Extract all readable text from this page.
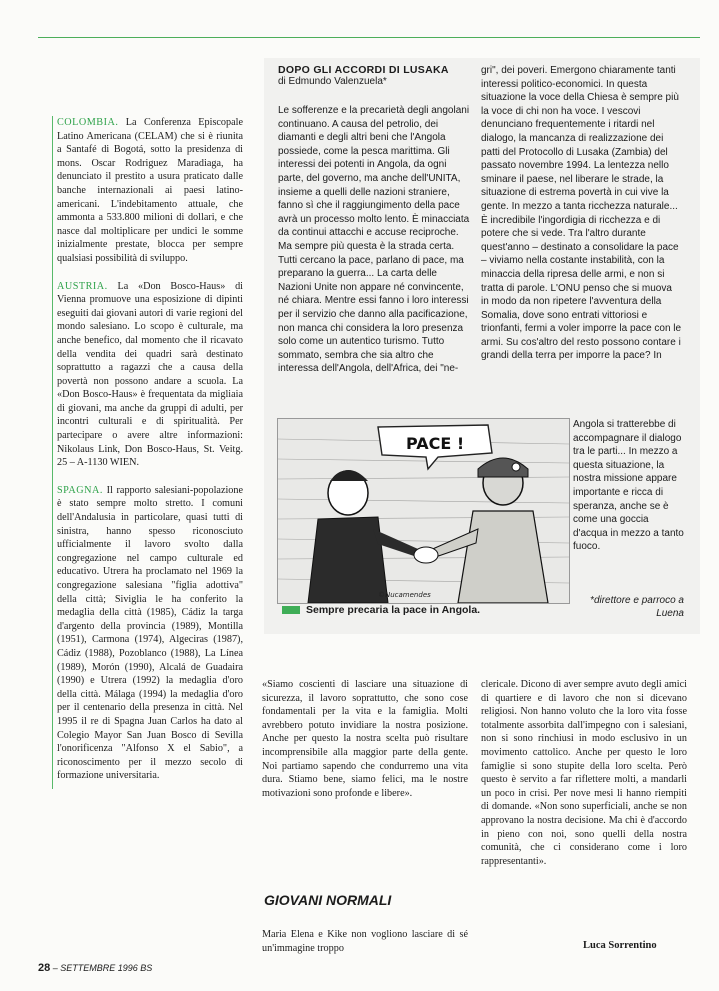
COLOMBIA. La Conferenza Episcopale Latino Americana (CELAM) che si è riunita a Santafé di Bogotá, sotto la presidenza di mons. Oscar Rodriguez Maradiaga, ha denunciato il prestito a usura praticato dalle banche internazionali ai paesi latino-americani. L'indebitamento attuale, che ammonta a 533.800 milioni di dollari, e che nasce dal moltiplicare per undici le somme inizialmente prestate, blocca per sempre qualsiasi possibilità di sviluppo.

AUSTRIA. La «Don Bosco-Haus» di Vienna promuove una esposizione di dipinti eseguiti dai giovani autori di varie regioni del mondo salesiano. Lo scopo è culturale, ma anche benefico, dal momento che il ricavato della vendita dei quadri sarà destinato soprattutto a ragazzi che a causa della povertà non possono andare a scuola. La «Don Bosco-Haus» è frequentata da migliaia di giovani, ma anche da gruppi di adulti, per incontri culturali e di spiritualità. Per partecipare o avere altre informazioni: Nikolaus Link, Don Bosco-Haus, St. Veitg. 25 – A-1130 WIEN.

SPAGNA. Il rapporto salesiani-popolazione è stato sempre molto stretto. I comuni dell'Andalusia in particolare, quasi tutti di sinistra, hanno spesso riconosciuto ufficialmente il lavoro svolto dalla congregazione nel campo culturale ed educativo. Utrera ha proclamato nel 1969 la congregazione salesiana "figlia adottiva" della città; Siviglia le ha conferito la medaglia della città (1985), Cádiz la targa d'argento della provincia (1989), Montilla (1951), Carmona (1974), Algeciras (1987), Cádiz (1988), Pozoblanco (1988), La Línea (1989), Morón (1990), Alcalá de Guadaira (1990) e Utrera (1992) la medaglia d'oro della città. Málaga (1994) la medaglia d'oro per il centenario della presenza in città. Nel 1995 il re di Spagna Juan Carlos ha dato al Colegio Mayor San Juan Bosco di Sevilla l'onorificenza "Alfonso X el Sabio", a riconoscimento per il mezzo secolo di formazione universitaria.

DOPO GLI ACCORDI DI LUSAKA
di Edmundo Valenzuela*
Le sofferenze e la precarietà degli angolani continuano. A causa del petrolio, dei diamanti e degli altri beni che l'Angola possiede, come la pesca marittima. Gli interessi dei potenti in Angola, da ogni parte, del governo, ma anche dell'UNITA, insieme a quelli delle nazioni straniere, fanno sì che il raggiungimento della pace avrà un processo molto lento. È minacciata da continui attacchi e accuse reciproche. Ma sempre più questa è la strada certa. Tutti cercano la pace, parlano di pace, ma preparano la guerra... La carta delle Nazioni Unite non appare né convincente, né chiara. Mentre essi fanno i loro interessi per il servizio che danno alla pacificazione, non manca chi considera la loro presenza solo come un autentico turismo. Tutto sommato, sembra che sia altro che interessa dell'Angola, dell'Africa, dei "ne-
gri", dei poveri. Emergono chiaramente tanti interessi politico-economici. In questa situazione la voce della Chiesa è sempre più la voce di chi non ha voce. I vescovi denunciano frequentemente i ritardi nel dialogo, la mancanza di realizzazione dei patti del Protocollo di Lusaka (Zambia) del passato novembre 1994. La lentezza nello sminare il paese, nel liberare le strade, la situazione di estrema povertà in cui vive la gente. In mezzo a tanta ricchezza naturale... È incredibile l'ingordigia di ricchezza e di potere che si vede. Tra l'altro durante quest'anno – destinato a consolidare la pace – viviamo nella costante instabilità, con la minaccia della ripresa delle armi, e non si tratta di parole. L'ONU penso che si muova in modo da non ripetere l'avventura della Somalia, dove sono entrati vittoriosi e trionfanti, fermi a voler imporre la pace con le armi. Su cos'altro del resto possono contare i grandi della terra per imporre la pace? In
PACE !
©Nucamendes
Angola si tratterebbe di accompagnare il dialogo tra le parti... In mezzo a questa situazione, la nostra missione appare importante e ricca di speranza, anche se è come una goccia d'acqua in mezzo a tanto fuoco.
Sempre precaria la pace in Angola.
*direttore e parroco a Luena
«Siamo coscienti di lasciare una situazione di sicurezza, il lavoro soprattutto, che sono cose fondamentali per la vita e la famiglia. Molti avrebbero potuto invidiare la nostra posizione. Anche per questo la nostra scelta può risultare incomprensibile alla maggior parte della gente. Noi partiamo sapendo che condurremo una vita dura. Stiamo bene, siamo felici, ma le nostre motivazioni sono profonde e libere».
GIOVANI NORMALI
Maria Elena e Kike non vogliono lasciare di sé un'immagine troppo
clericale. Dicono di aver sempre avuto degli amici di quartiere e di lavoro che non si dicevano religiosi. Non hanno voluto che la loro vita fosse totalmente assorbita dall'impegno con i salesiani, non si sono rinchiusi in modo esclusivo in un movimento cattolico. Anche per questo le loro famiglie si sono stupite della loro scelta. Però questo è servito a far riflettere molti, a mandarli un poco in crisi. Per nove mesi li hanno riempiti di domande. «Non sono superficiali, anche se non approvano la nostra decisione. Ma chi è d'accordo in pieno con noi, sono quelli della nostra comunità, che ci considerano come i loro rappresentanti».
Luca Sorrentino
28 – SETTEMBRE 1996 BS
